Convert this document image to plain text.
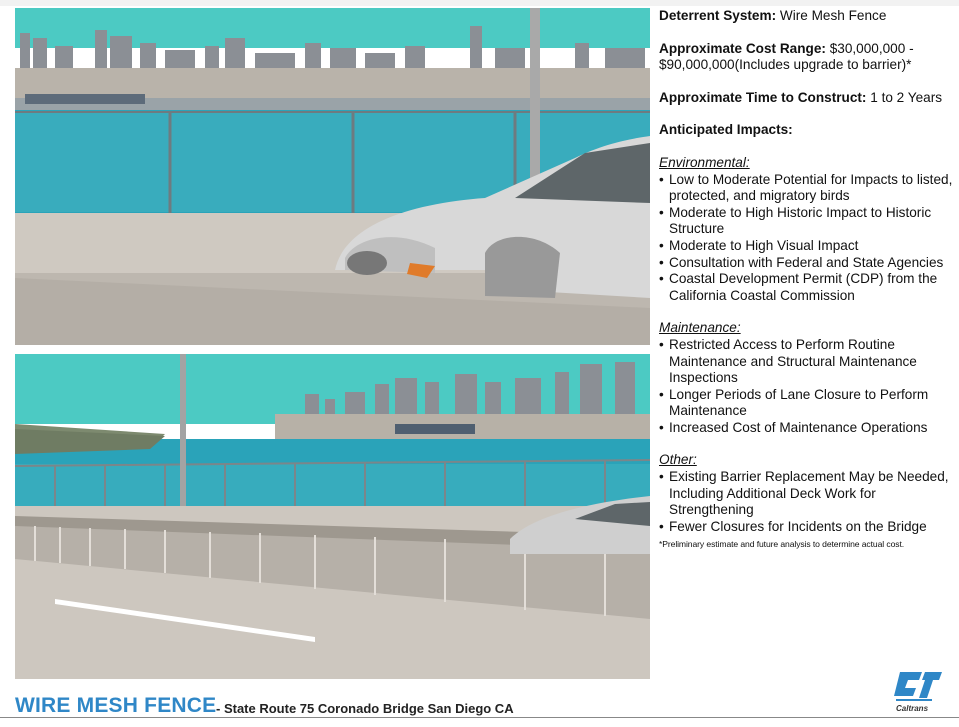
Deterrent System: Wire Mesh Fence

Approximate Cost Range: $30,000,000 - $90,000,000(Includes upgrade to barrier)*

Approximate Time to Construct: 1 to 2 Years

Anticipated Impacts:

Environmental:

• Low to Moderate Potential for Impacts to listed, protected, and migratory birds
• Moderate to High Historic Impact to Historic Structure
• Moderate to High Visual Impact
• Consultation with Federal and State Agencies
• Coastal Development Permit (CDP) from the California Coastal Commission

Maintenance:

• Restricted Access to Perform Routine Maintenance and Structural Maintenance Inspections
• Longer Periods of Lane Closure to Perform Maintenance
• Increased Cost of Maintenance Operations

Other:

• Existing Barrier Replacement May be Needed, Including Additional Deck Work for Strengthening
• Fewer Closures for Incidents on the Bridge

*Preliminary estimate and future analysis to determine actual cost.

Caltrans
WIRE MESH FENCE - State Route 75 Coronado Bridge San Diego CA
